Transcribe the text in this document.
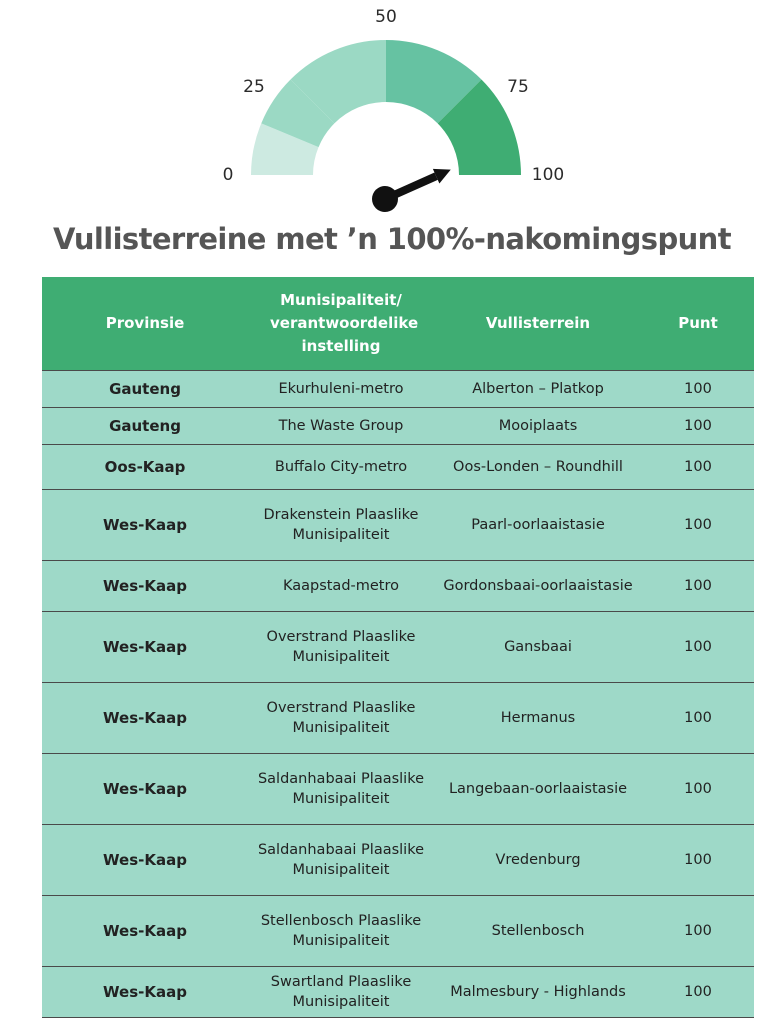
0
25
50
75
100
Vullisterreine met ’n 100%-nakomingspunt
Provinsie	Munisipaliteit/ verantwoordelike instelling	Vullisterrein	Punt
Gauteng	Ekurhuleni-metro	Alberton – Platkop	100
Gauteng	The Waste Group	Mooiplaats	100
Oos-Kaap	Buffalo City-metro	Oos-Londen – Roundhill	100
Wes-Kaap	Drakenstein Plaaslike Munisipaliteit	Paarl-oorlaaistasie	100
Wes-Kaap	Kaapstad-metro	Gordonsbaai-oorlaaistasie	100
Wes-Kaap	Overstrand Plaaslike Munisipaliteit	Gansbaai	100
Wes-Kaap	Overstrand Plaaslike Munisipaliteit	Hermanus	100
Wes-Kaap	Saldanhabaai Plaaslike Munisipaliteit	Langebaan-oorlaaistasie	100
Wes-Kaap	Saldanhabaai Plaaslike Munisipaliteit	Vredenburg	100
Wes-Kaap	Stellenbosch Plaaslike Munisipaliteit	Stellenbosch	100
Wes-Kaap	Swartland Plaaslike Munisipaliteit	Malmesbury - Highlands	100
